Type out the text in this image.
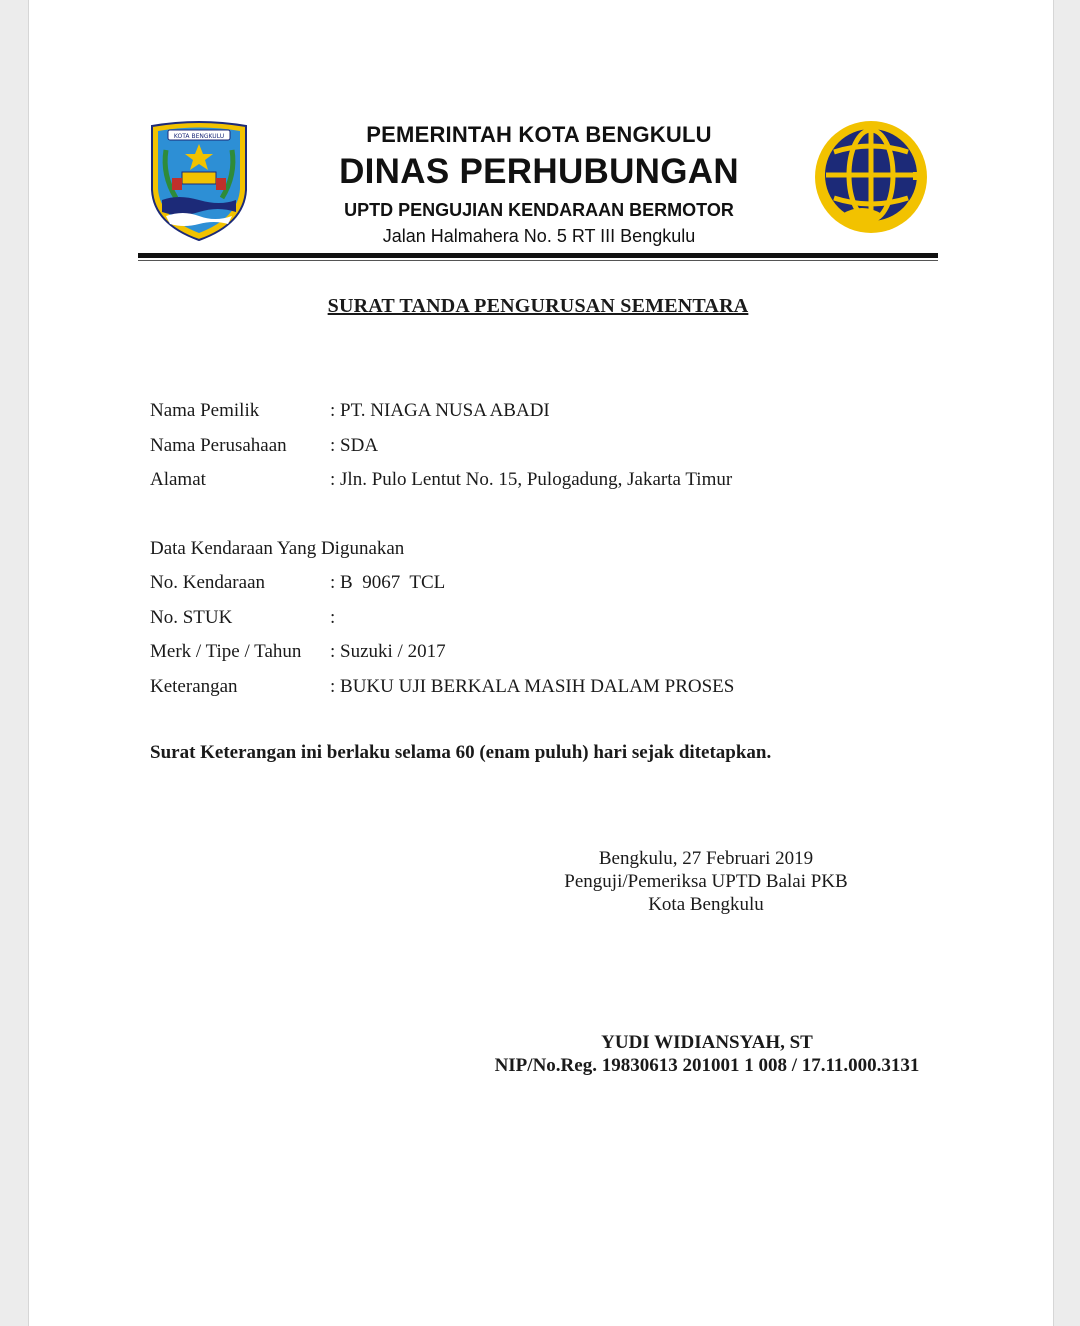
KOTA BENGKULU	PEMERINTAH KOTA BENGKULU
DINAS PERHUBUNGAN
UPTD PENGUJIAN KENDARAAN BERMOTOR
Jalan Halmahera No. 5 RT III Bengkulu
SURAT TANDA PENGURUSAN SEMENTARA
Nama Pemilik	: PT. NIAGA NUSA ABADI
Nama Perusahaan : SDA
Alamat	: Jln. Pulo Lentut No. 15, Pulogadung, Jakarta Timur
Data Kendaraan Yang Digunakan
No. Kendaraan	: B  9067  TCL
No. STUK	:
Merk / Tipe / Tahun : Suzuki / 2017
Keterangan	: BUKU UJI BERKALA MASIH DALAM PROSES
Surat Keterangan ini berlaku selama 60 (enam puluh) hari sejak ditetapkan.
Bengkulu, 27 Februari 2019
Penguji/Pemeriksa UPTD Balai PKB
Kota Bengkulu
YUDI WIDIANSYAH, ST
NIP/No.Reg. 19830613 201001 1 008 / 17.11.000.3131
